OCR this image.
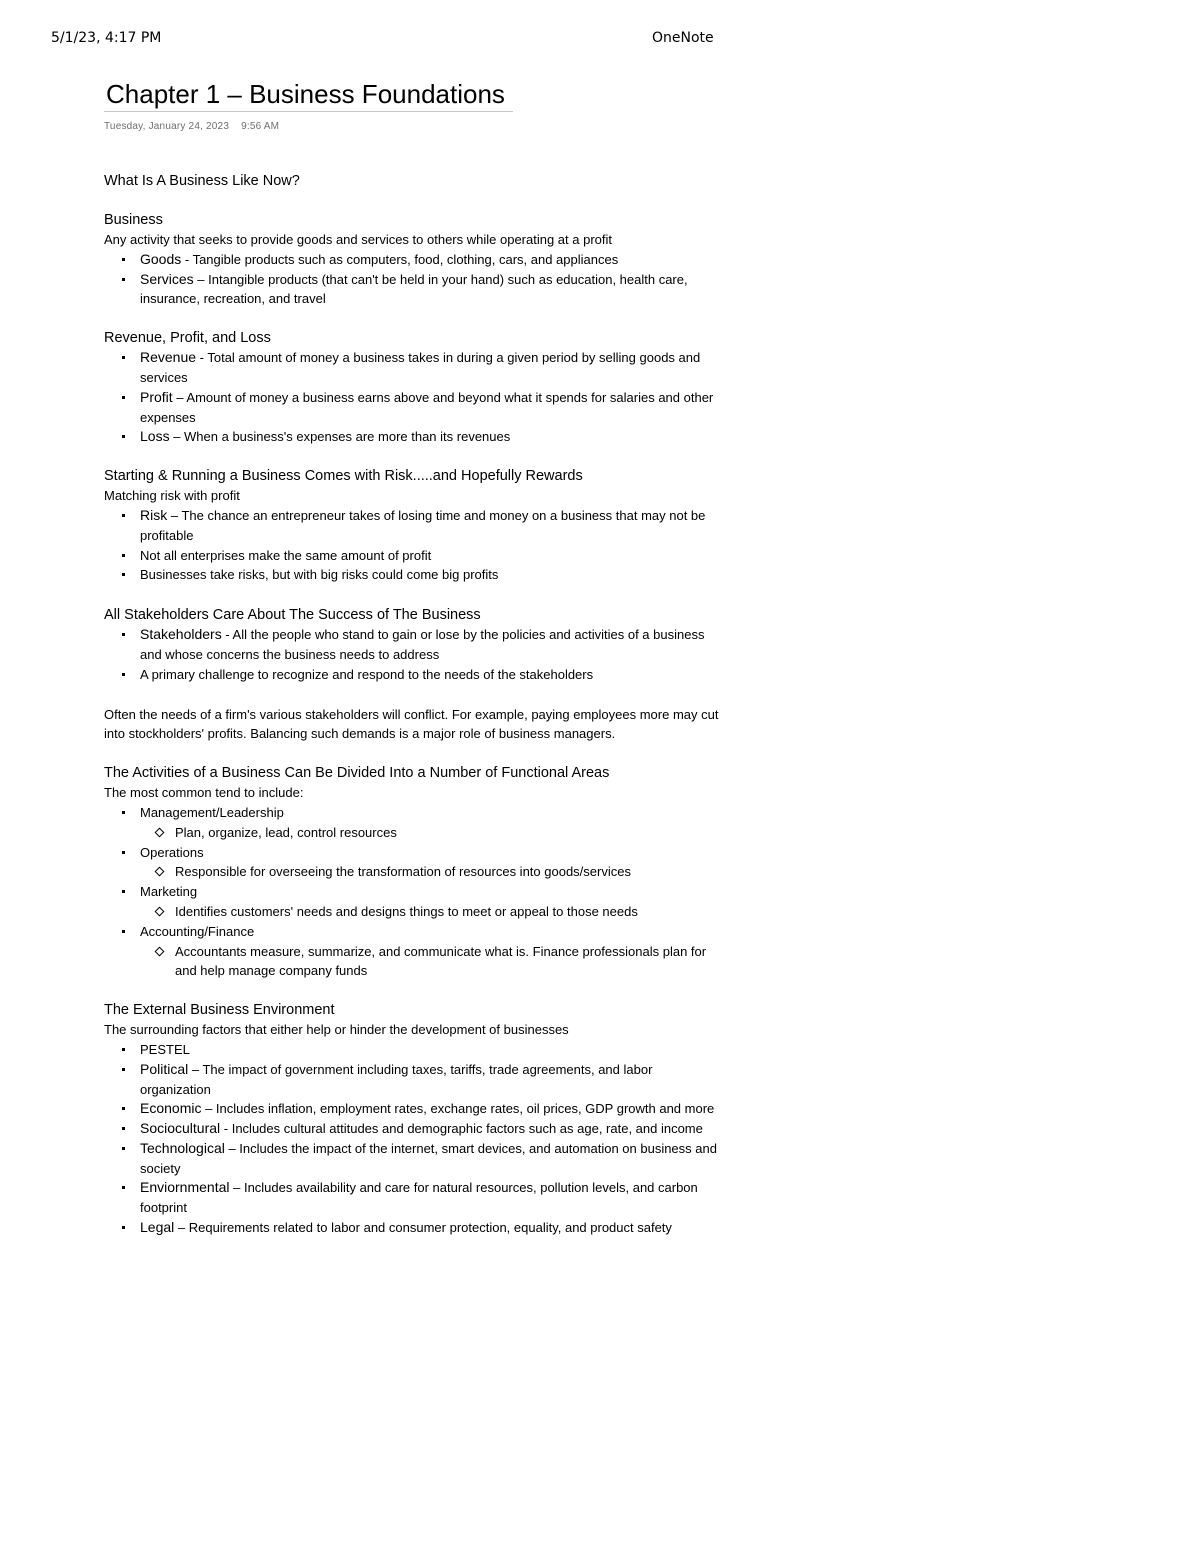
5/1/23, 4:17 PM	OneNote
Chapter 1 – Business Foundations
Tuesday, January 24, 2023 9:56 AM
What Is A Business Like Now?
Business
Any activity that seeks to provide goods and services to others while operating at a profit
Goods - Tangible products such as computers, food, clothing, cars, and appliances
Services – Intangible products (that can't be held in your hand) such as education, health care, insurance, recreation, and travel
Revenue, Profit, and Loss
Revenue - Total amount of money a business takes in during a given period by selling goods and services
Profit – Amount of money a business earns above and beyond what it spends for salaries and other expenses
Loss – When a business's expenses are more than its revenues
Starting & Running a Business Comes with Risk.....and Hopefully Rewards
Matching risk with profit
Risk – The chance an entrepreneur takes of losing time and money on a business that may not be profitable
Not all enterprises make the same amount of profit
Businesses take risks, but with big risks could come big profits
All Stakeholders Care About The Success of The Business
Stakeholders - All the people who stand to gain or lose by the policies and activities of a business and whose concerns the business needs to address
A primary challenge to recognize and respond to the needs of the stakeholders

Often the needs of a firm's various stakeholders will conflict. For example, paying employees more may cut into stockholders' profits. Balancing such demands is a major role of business managers.

The Activities of a Business Can Be Divided Into a Number of Functional Areas
The most common tend to include:
Management/Leadership
Plan, organize, lead, control resources
Operations
Responsible for overseeing the transformation of resources into goods/services
Marketing
Identifies customers' needs and designs things to meet or appeal to those needs
Accounting/Finance
Accountants measure, summarize, and communicate what is. Finance professionals plan for and help manage company funds
The External Business Environment
The surrounding factors that either help or hinder the development of businesses
PESTEL
Political – The impact of government including taxes, tariffs, trade agreements, and labor organization
Economic – Includes inflation, employment rates, exchange rates, oil prices, GDP growth and more
Sociocultural - Includes cultural attitudes and demographic factors such as age, rate, and income
Technological – Includes the impact of the internet, smart devices, and automation on business and society
Enviornmental – Includes availability and care for natural resources, pollution levels, and carbon footprint
Legal – Requirements related to labor and consumer protection, equality, and product safety
